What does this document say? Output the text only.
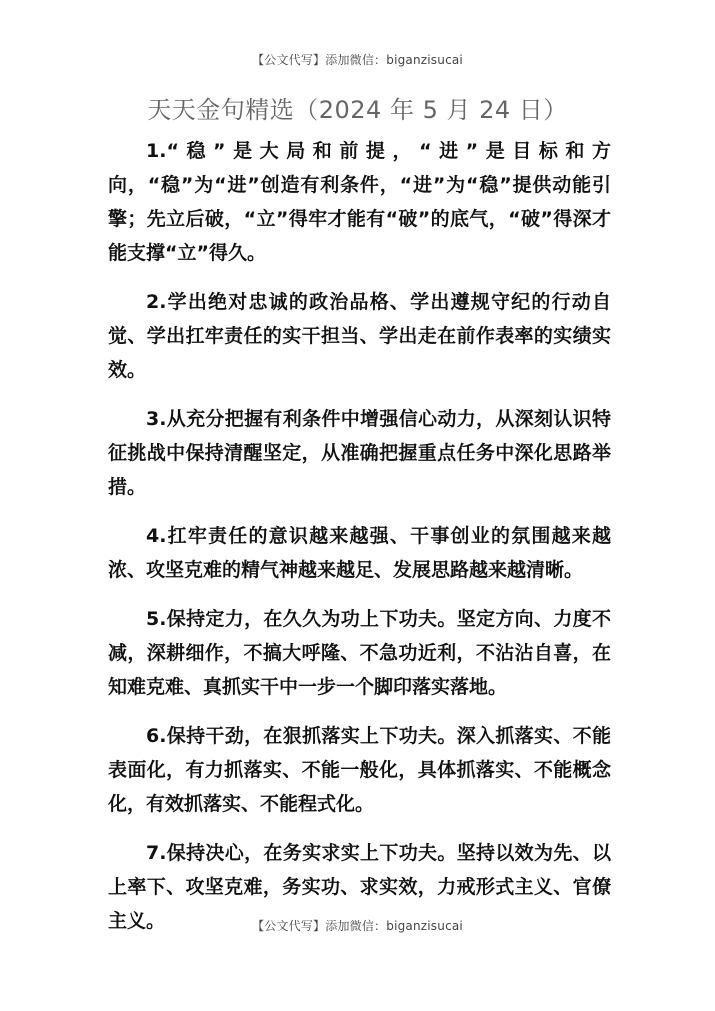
【公文代写】添加微信：biganzisucai
天天金句精选（2024 年 5 月 24 日）

1.“稳”是大局和前提，“进”是目标和方向，“稳”为“进”创造有利条件，“进”为“稳”提供动能引擎；先立后破，“立”得牢才能有“破”的底气，“破”得深才能支撑“立”得久。

2.学出绝对忠诚的政治品格、学出遵规守纪的行动自觉、学出扛牢责任的实干担当、学出走在前作表率的实绩实效。

3.从充分把握有利条件中增强信心动力，从深刻认识特征挑战中保持清醒坚定，从准确把握重点任务中深化思路举措。

4.扛牢责任的意识越来越强、干事创业的氛围越来越浓、攻坚克难的精气神越来越足、发展思路越来越清晰。

5.保持定力，在久久为功上下功夫。坚定方向、力度不减，深耕细作，不搞大呼隆、不急功近利，不沾沾自喜，在知难克难、真抓实干中一步一个脚印落实落地。

6.保持干劲，在狠抓落实上下功夫。深入抓落实、不能表面化，有力抓落实、不能一般化，具体抓落实、不能概念化，有效抓落实、不能程式化。

7.保持决心，在务实求实上下功夫。坚持以效为先、以上率下、攻坚克难，务实功、求实效，力戒形式主义、官僚主义。	【公文代写】添加微信：biganzisucai
